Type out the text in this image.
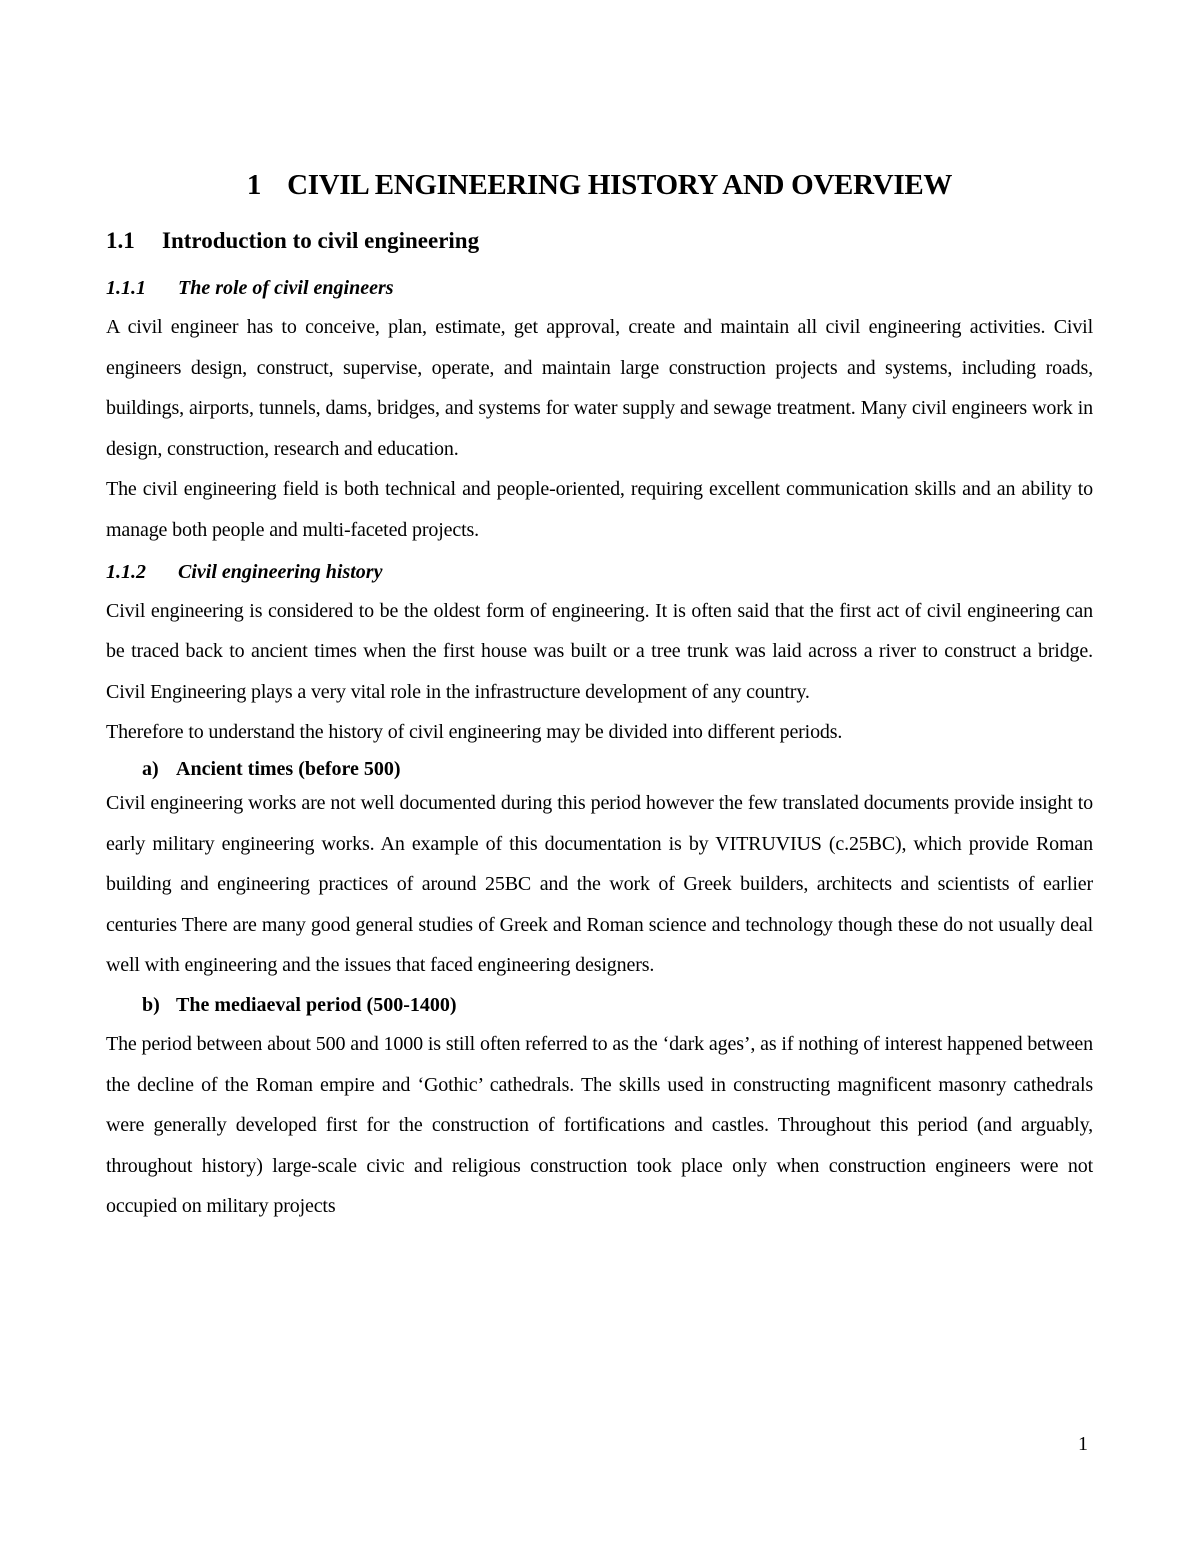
1 CIVIL ENGINEERING HISTORY AND OVERVIEW
1.1 Introduction to civil engineering
1.1.1 The role of civil engineers

A civil engineer has to conceive, plan, estimate, get approval, create and maintain all civil engineering activities. Civil engineers design, construct, supervise, operate, and maintain large construction projects and systems, including roads, buildings, airports, tunnels, dams, bridges, and systems for water supply and sewage treatment. Many civil engineers work in design, construction, research and education.

The civil engineering field is both technical and people-oriented, requiring excellent communication skills and an ability to manage both people and multi-faceted projects.

1.1.2 Civil engineering history

Civil engineering is considered to be the oldest form of engineering. It is often said that the first act of civil engineering can be traced back to ancient times when the first house was built or a tree trunk was laid across a river to construct a bridge. Civil Engineering plays a very vital role in the infrastructure development of any country.

Therefore to understand the history of civil engineering may be divided into different periods.

a) Ancient times (before 500)

Civil engineering works are not well documented during this period however the few translated documents provide insight to early military engineering works. An example of this documentation is by VITRUVIUS (c.25BC), which provide Roman building and engineering practices of around 25BC and the work of Greek builders, architects and scientists of earlier centuries There are many good general studies of Greek and Roman science and technology though these do not usually deal well with engineering and the issues that faced engineering designers.

b) The mediaeval period (500-1400)

The period between about 500 and 1000 is still often referred to as the ‘dark ages’, as if nothing of interest happened between the decline of the Roman empire and ‘Gothic’ cathedrals. The skills used in constructing magnificent masonry cathedrals were generally developed first for the construction of fortifications and castles. Throughout this period (and arguably, throughout history) large-scale civic and religious construction took place only when construction engineers were not occupied on military projects

1
